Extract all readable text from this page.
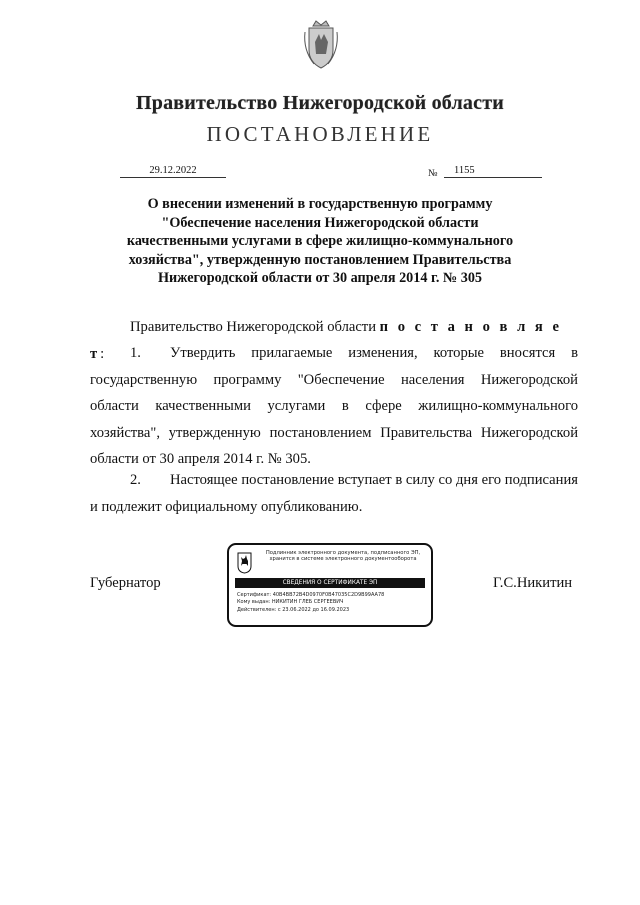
Правительство Нижегородской области
ПОСТАНОВЛЕНИЕ
29.12.2022	№	1155
О внесении изменений в государственную программу
"Обеспечение населения Нижегородской области
качественными услугами в сфере жилищно-коммунального
хозяйства", утвержденную постановлением Правительства
Нижегородской области от 30 апреля 2014 г. № 305
Правительство Нижегородской области п о с т а н о в л я е т:	1. Утвердить прилагаемые изменения, которые вносятся в государственную программу "Обеспечение населения Нижегородской области качественными услугами в сфере жилищно-коммунального хозяйства", утвержденную постановлением Правительства Нижегородской области от 30 апреля 2014 г. № 305.
2. Настоящее постановление вступает в силу со дня его подписания и подлежит официальному опубликованию.
Губернатор	Г.С.Никитин
Подлинник электронного документа, подписанного ЭП,
хранится в системе электронного документооборота
СВЕДЕНИЯ О СЕРТИФИКАТЕ ЭП
Сертификат: 40B4BB72B4D0970F0B47035C2D9B99AA78
Кому выдан: НИКИТИН ГЛЕБ СЕРГЕЕВИЧ
Действителен: с 23.06.2022 до 16.09.2023
